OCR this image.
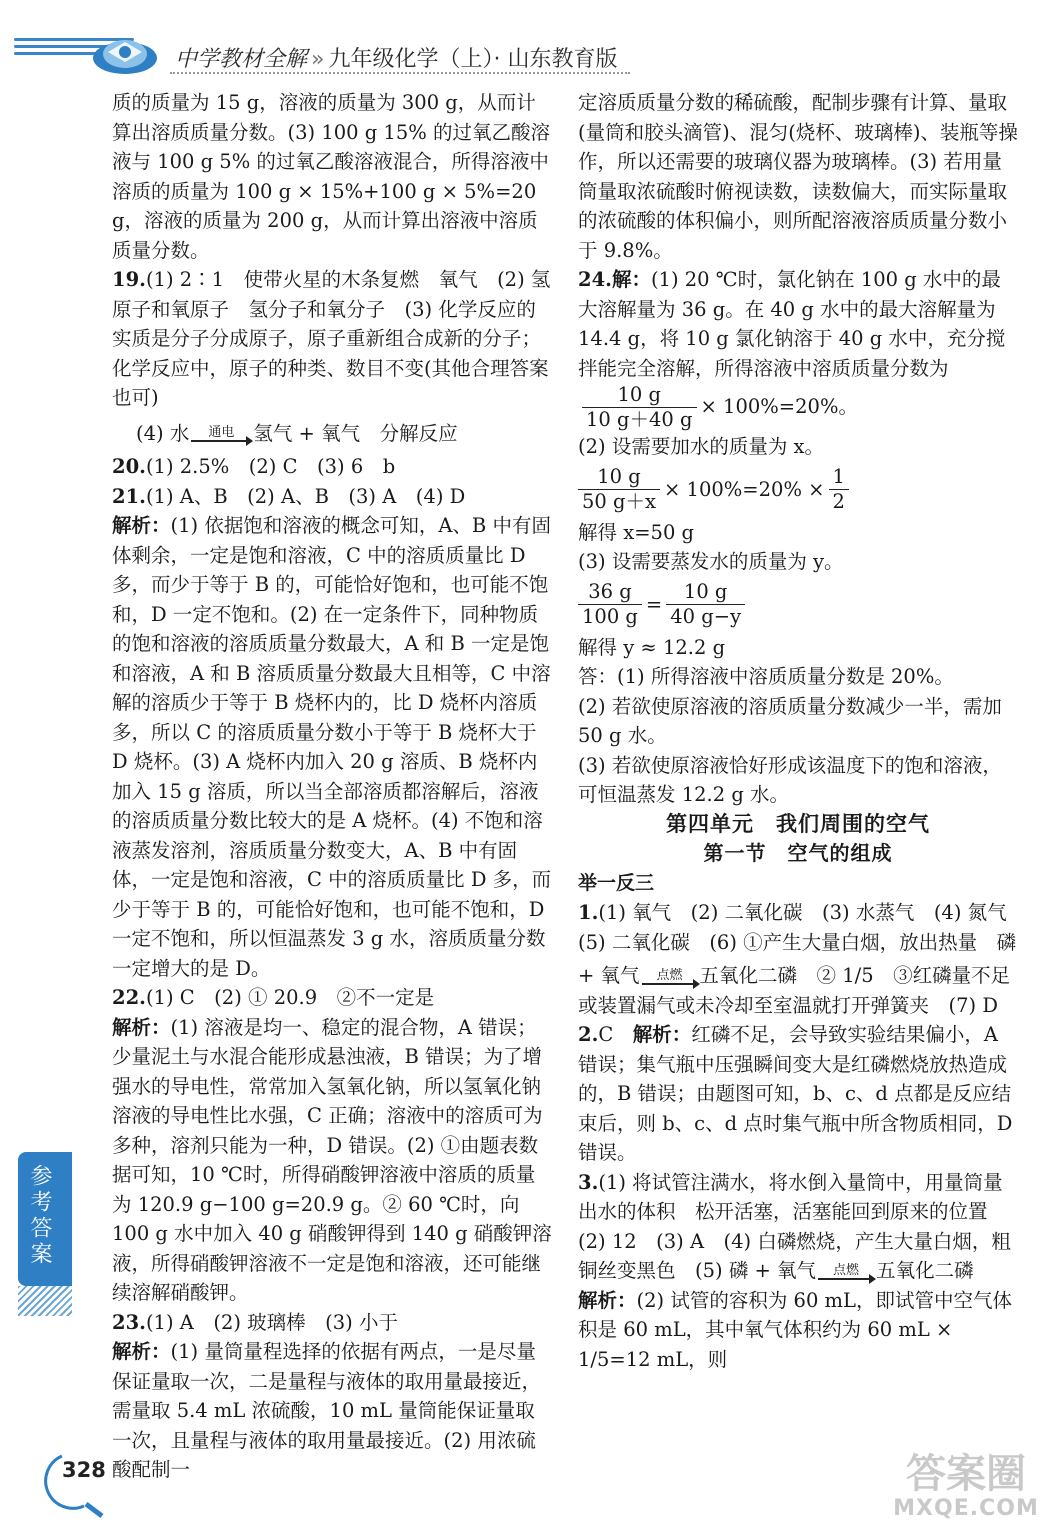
中学教材全解 » 九年级化学（上）· 山东教育版

质的质量为 15 g，溶液的质量为 300 g，从而计算出溶质质量分数。(3) 100 g 15% 的过氧乙酸溶液与 100 g 5% 的过氧乙酸溶液混合，所得溶液中溶质的质量为 100 g × 15%+100 g × 5%=20 g，溶液的质量为 200 g，从而计算出溶液中溶质质量分数。

19.(1) 2∶1　使带火星的木条复燃　氧气　(2) 氢原子和氧原子　氢分子和氧分子　(3) 化学反应的实质是分子分成原子，原子重新组合成新的分子；化学反应中，原子的种类、数目不变(其他合理答案也可)

(4) 水	通电 氢气 + 氧气　分解反应

20.(1) 2.5%　(2) C　(3) 6　b

21.(1) A、B　(2) A、B　(3) A　(4) D

解析：(1) 依据饱和溶液的概念可知，A、B 中有固体剩余，一定是饱和溶液，C 中的溶质质量比 D 多，而少于等于 B 的，可能恰好饱和，也可能不饱和，D 一定不饱和。(2) 在一定条件下，同种物质的饱和溶液的溶质质量分数最大，A 和 B 一定是饱和溶液，A 和 B 溶质质量分数最大且相等，C 中溶解的溶质少于等于 B 烧杯内的，比 D 烧杯内溶质多，所以 C 的溶质质量分数小于等于 B 烧杯大于 D 烧杯。(3) A 烧杯内加入 20 g 溶质、B 烧杯内加入 15 g 溶质，所以当全部溶质都溶解后，溶液的溶质质量分数比较大的是 A 烧杯。(4) 不饱和溶液蒸发溶剂，溶质质量分数变大，A、B 中有固体，一定是饱和溶液，C 中的溶质质量比 D 多，而少于等于 B 的，可能恰好饱和，也可能不饱和，D 一定不饱和，所以恒温蒸发 3 g 水，溶质质量分数一定增大的是 D。

22.(1) C　(2) ① 20.9　②不一定是

解析：(1) 溶液是均一、稳定的混合物，A 错误；少量泥土与水混合能形成悬浊液，B 错误；为了增强水的导电性，常常加入氢氧化钠，所以氢氧化钠溶液的导电性比水强，C 正确；溶液中的溶质可为多种，溶剂只能为一种，D 错误。(2) ①由题表数据可知，10 ℃时，所得硝酸钾溶液中溶质的质量为 120.9 g−100 g=20.9 g。② 60 ℃时，向 100 g 水中加入 40 g 硝酸钾得到 140 g 硝酸钾溶液，所得硝酸钾溶液不一定是饱和溶液，还可能继续溶解硝酸钾。

23.(1) A　(2) 玻璃棒　(3) 小于

解析：(1) 量筒量程选择的依据有两点，一是尽量保证量取一次，二是量程与液体的取用量最接近，需量取 5.4 mL 浓硫酸，10 mL 量筒能保证量取一次，且量程与液体的取用量最接近。(2) 用浓硫酸配制一

定溶质质量分数的稀硫酸，配制步骤有计算、量取(量筒和胶头滴管)、混匀(烧杯、玻璃棒)、装瓶等操作，所以还需要的玻璃仪器为玻璃棒。(3) 若用量筒量取浓硫酸时俯视读数，读数偏大，而实际量取的浓硫酸的体积偏小，则所配溶液溶质质量分数小于 9.8%。

24.解：(1) 20 ℃时，氯化钠在 100 g 水中的最大溶解量为 36 g。在 40 g 水中的最大溶解量为 14.4 g，将 10 g 氯化钠溶于 40 g 水中，充分搅拌能完全溶解，所得溶液中溶质质量分数为
$\frac{10 g}{10 g+40 g} \times 100\%=20\%$。

(2) 设需要加水的质量为 x。

$\frac{10 g}{50 g+x} \times 100\%=20\% \times \frac{1}{2}$

解得 x=50 g

(3) 设需要蒸发水的质量为 y。

$\frac{36 g}{100 g} = \frac{10 g}{40 g-y}$

解得 y ≈ 12.2 g

答：(1) 所得溶液中溶质质量分数是 20%。

(2) 若欲使原溶液的溶质质量分数减少一半，需加 50 g 水。

(3) 若欲使原溶液恰好形成该温度下的饱和溶液，可恒温蒸发 12.2 g 水。

第四单元　我们周围的空气

第一节　空气的组成

举一反三

1.(1) 氧气　(2) 二氧化碳　(3) 水蒸气　(4) 氮气　(5) 二氧化碳　(6) ①产生大量白烟，放出热量　磷

+ 氧气	点燃 五氧化二磷　② 1/5　③红磷量不足或装置漏气或未冷却至室温就打开弹簧夹　(7) D

2.C　 解析：红磷不足，会导致实验结果偏小，A 错误；集气瓶中压强瞬间变大是红磷燃烧放热造成的，B 错误；由题图可知，b、c、d 点都是反应结束后，则 b、c、d 点时集气瓶中所含物质相同，D 错误。

3.(1) 将试管注满水，将水倒入量筒中，用量筒量出水的体积　松开活塞，活塞能回到原来的位置　(2) 12　(3) A　(4) 白磷燃烧，产生大量白烟，粗铜丝变黑色　(5) 磷 + 氧气	点燃 五氧化二磷

解析：(2) 试管的容积为 60 mL，即试管中空气体积是 60 mL，其中氧气体积约为 60 mL × 1/5=12 mL，则

参考答案
328	答案圈
MXQE.COM
